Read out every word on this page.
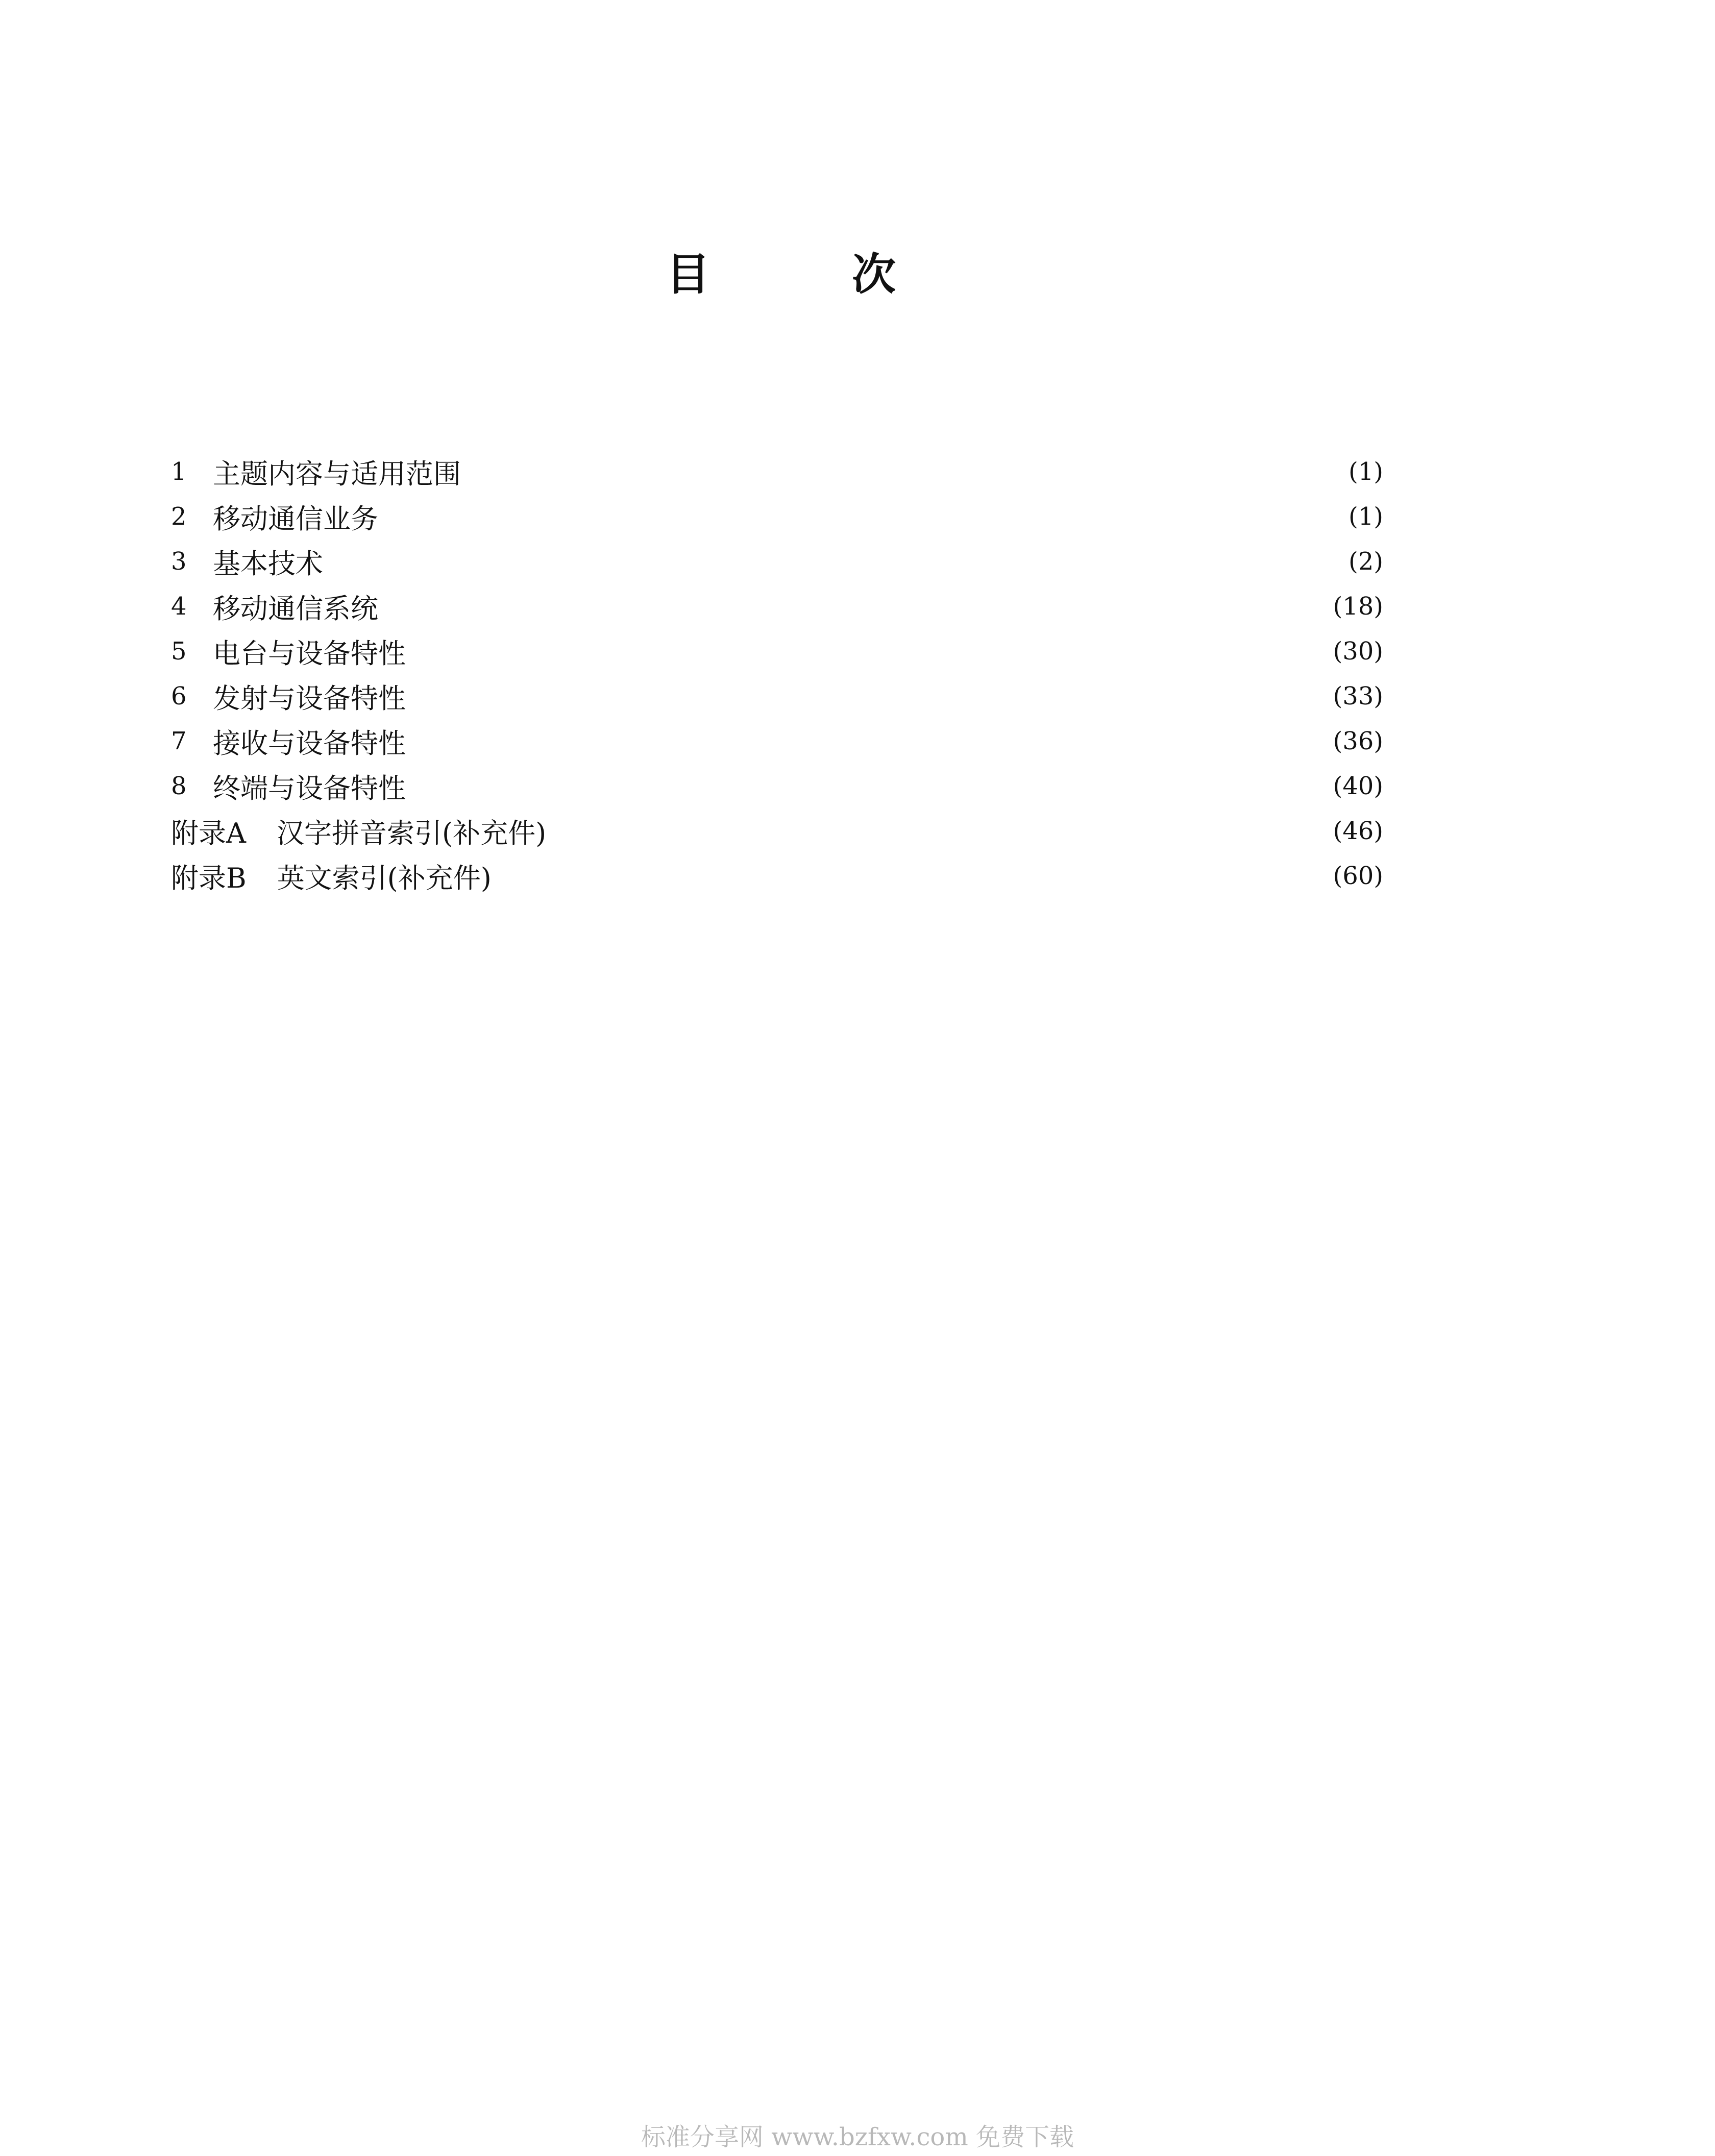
目	次
1 主题内容与适用范围	(1)
2 移动通信业务	(1)
3 基本技术	(2)
4 移动通信系统	(18)
5 电台与设备特性	(30)
6 发射与设备特性	(33)
7 接收与设备特性	(36)
8 终端与设备特性	(40)
附录A	汉字拼音索引(补充件)	(46)
附录B	英文索引(补充件)	(60)
标准分享网 www.bzfxw.com 免费下载
